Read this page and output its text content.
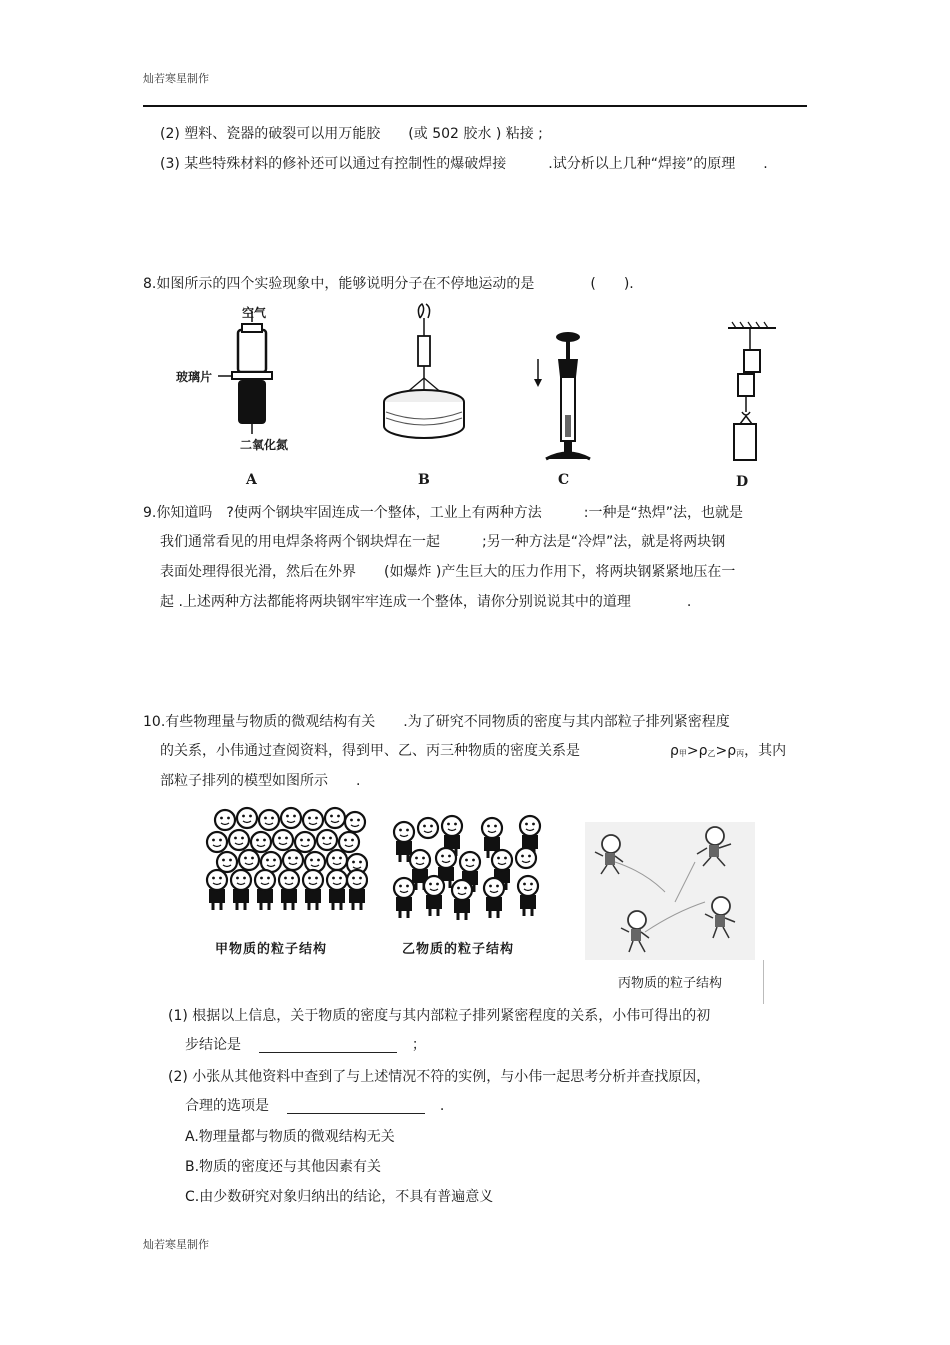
灿若寒星制作
(2) 塑料、瓷器的破裂可以用万能胶　　(或 502 胶水 ) 粘接 ;
(3) 某些特殊材料的修补还可以通过有控制性的爆破焊接　　　.试分析以上几种“焊接”的原理　　.
8.如图所示的四个实验现象中，能够说明分子在不停地运动的是　　　　(　　).
空气
玻璃片
二氧化氮
A	B	C	D
9.你知道吗　?使两个钢块牢固连成一个整体，工业上有两种方法　　　:一种是“热焊”法，也就是
我们通常看见的用电焊条将两个钢块焊在一起　　　;另一种方法是“冷焊”法，就是将两块钢
表面处理得很光滑，然后在外界　　(如爆炸 )产生巨大的压力作用下，将两块钢紧紧地压在一
起 .上述两种方法都能将两块钢牢牢连成一个整体，请你分别说说其中的道理　　　　.
10.有些物理量与物质的微观结构有关　　.为了研究不同物质的密度与其内部粒子排列紧密程度
的关系，小伟通过查阅资料，得到甲、乙、丙三种物质的密度关系是	ρ甲>ρ乙>ρ丙，其内
部粒子排列的模型如图所示　　.
甲物质的粒子结构	乙物质的粒子结构
丙物质的粒子结构
(1) 根据以上信息，关于物质的密度与其内部粒子排列紧密程度的关系，小伟可得出的初
步结论是	；
(2) 小张从其他资料中查到了与上述情况不符的实例，与小伟一起思考分析并查找原因，
合理的选项是	.
A.物理量都与物质的微观结构无关
B.物质的密度还与其他因素有关
C.由少数研究对象归纳出的结论，不具有普遍意义
灿若寒星制作
